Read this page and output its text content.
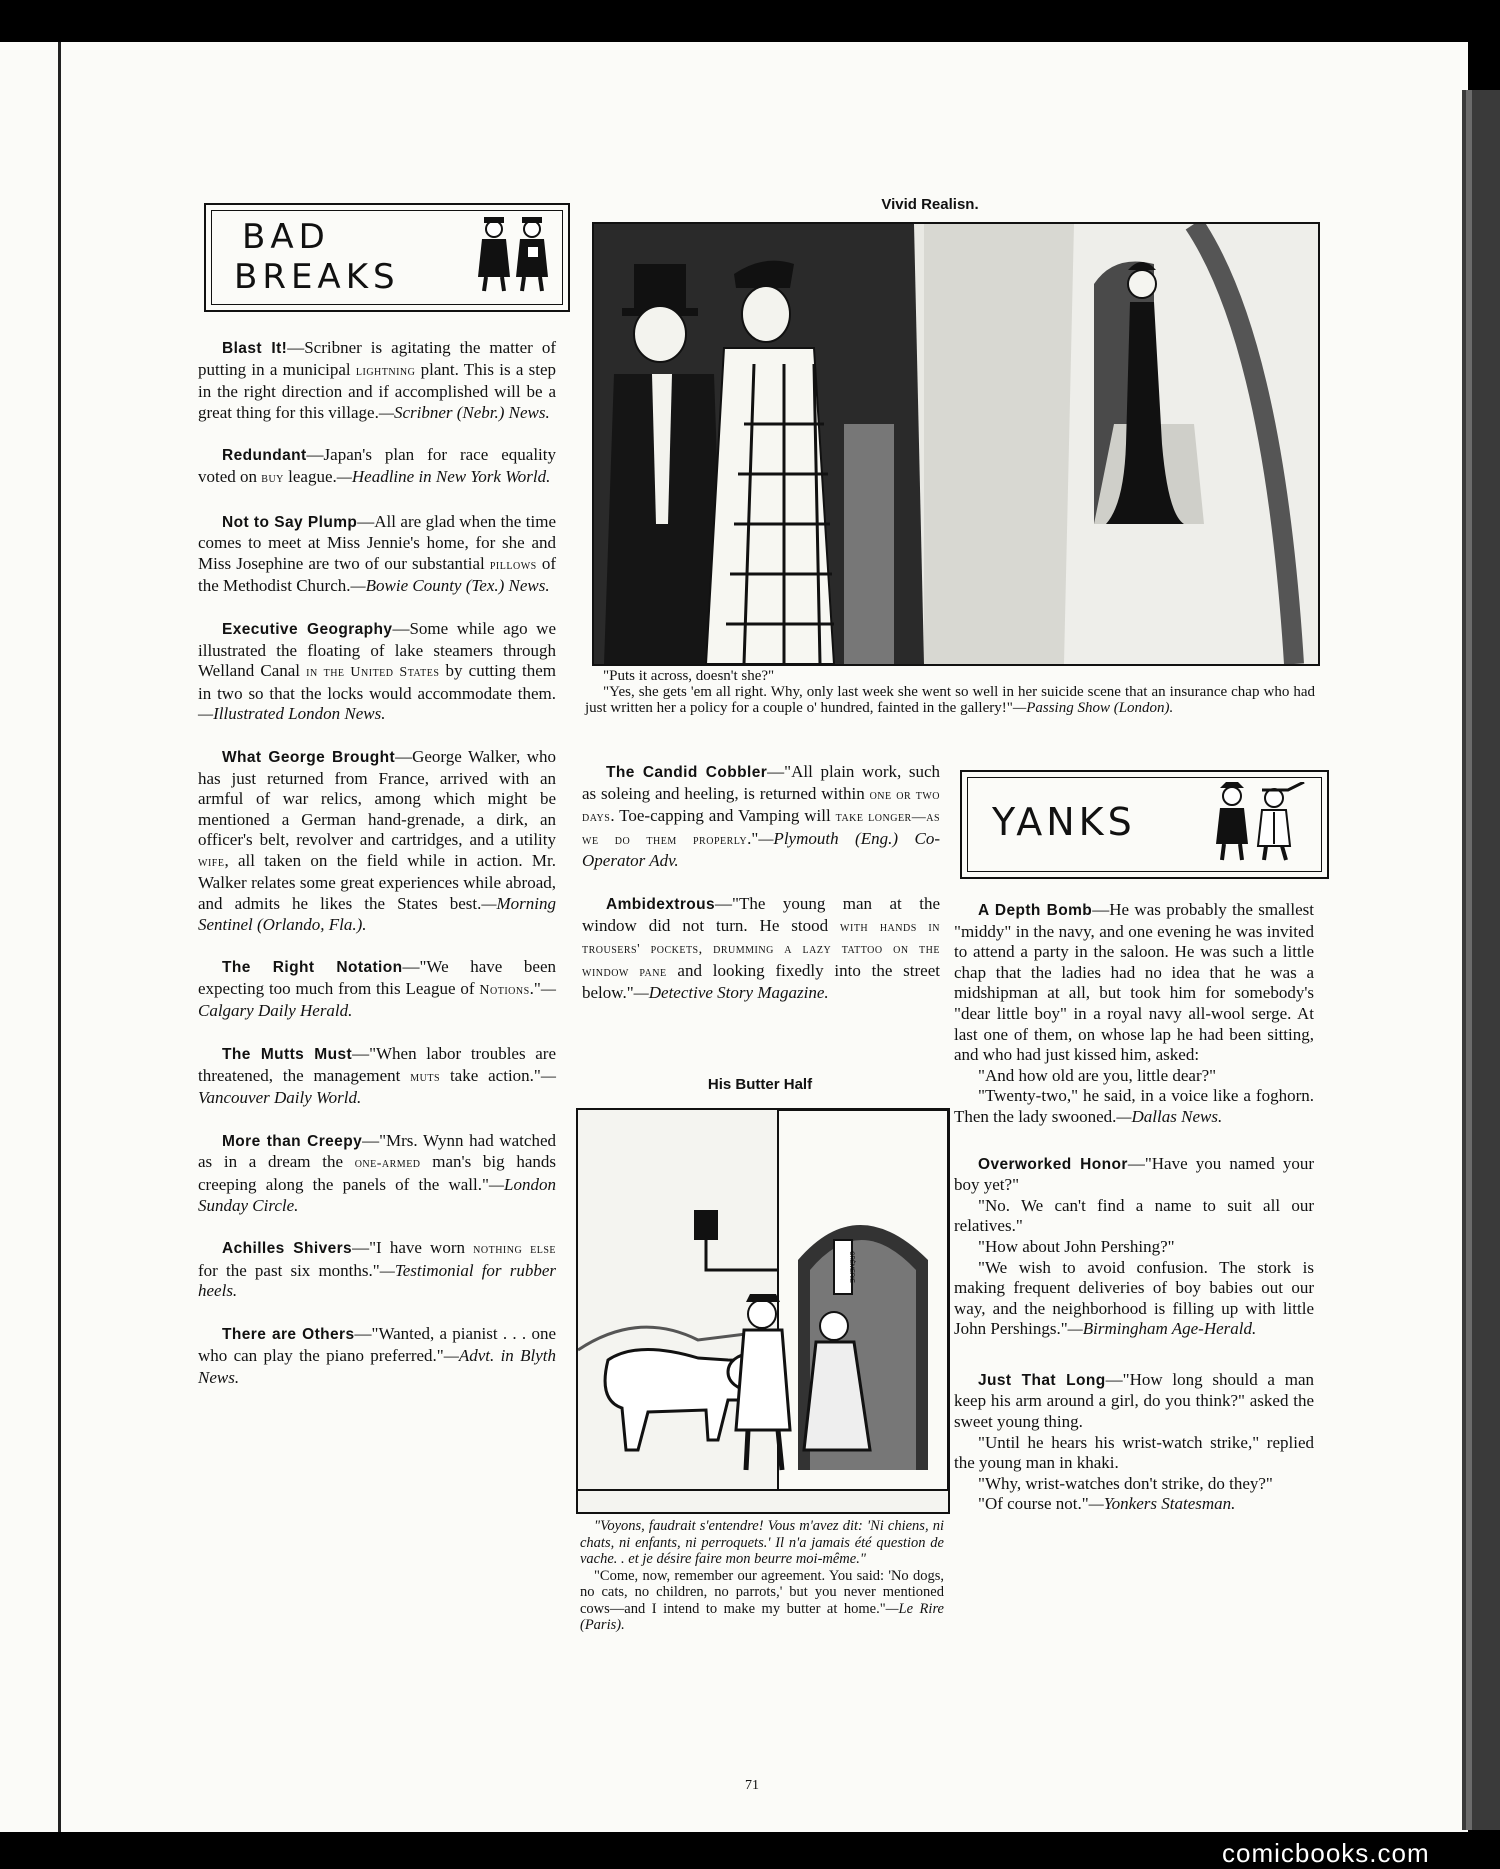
BAD
BREAKS

Blast It!—Scribner is agitating the matter of putting in a municipal lightning plant. This is a step in the right direction and if accomplished will be a great thing for this village.—Scribner (Nebr.) News.

Redundant—Japan's plan for race equality voted on buy league.—Headline in New York World.

Not to Say Plump—All are glad when the time comes to meet at Miss Jennie's home, for she and Miss Josephine are two of our substantial pillows of the Methodist Church.—Bowie County (Tex.) News.

Executive Geography—Some while ago we illustrated the floating of lake steamers through Welland Canal in the United States by cutting them in two so that the locks would accommodate them.—Illustrated London News.

What George Brought—George Walker, who has just returned from France, arrived with an armful of war relics, among which might be mentioned a German hand-grenade, a dirk, an officer's belt, revolver and cartridges, and a utility wife, all taken on the field while in action. Mr. Walker relates some great experiences while abroad, and admits he likes the States best.—Morning Sentinel (Orlando, Fla.).

The Right Notation—"We have been expecting too much from this League of Notions."—Calgary Daily Herald.

The Mutts Must—"When labor troubles are threatened, the management muts take action."—Vancouver Daily World.

More than Creepy—"Mrs. Wynn had watched as in a dream the one-armed man's big hands creeping along the panels of the wall."—London Sunday Circle.

Achilles Shivers—"I have worn nothing else for the past six months."—Testimonial for rubber heels.

There are Others—"Wanted, a pianist . . . one who can play the piano preferred."—Advt. in Blyth News.

Vivid Realisn.
"Puts it across, doesn't she?"
"Yes, she gets 'em all right. Why, only last week she went so well in her suicide scene that an insurance chap who had just written her a policy for a couple o' hundred, fainted in the gallery!"—Passing Show (London).

The Candid Cobbler—"All plain work, such as soleing and heeling, is returned within one or two days. Toe-capping and Vamping will take longer—as we do them properly."—Plymouth (Eng.) Co-Operator Adv.

Ambidextrous—"The young man at the window did not turn. He stood with hands in trousers' pockets, drumming a lazy tattoo on the window pane and looking fixedly into the street below."—Detective Story Magazine.

His Butter Half
CRÈMERIE
"Voyons, faudrait s'entendre! Vous m'avez dit: 'Ni chiens, ni chats, ni enfants, ni perroquets.' Il n'a jamais été question de vache. . et je désire faire mon beurre moi-même."
"Come, now, remember our agreement. You said: 'No dogs, no cats, no children, no parrots,' but you never mentioned cows—and I intend to make my butter at home."—Le Rire (Paris).
YANKS

A Depth Bomb—He was probably the smallest "middy" in the navy, and one evening he was invited to attend a party in the saloon. He was such a little chap that the ladies had no idea that he was a midshipman at all, but took him for somebody's "dear little boy" in a royal navy all-wool serge. At last one of them, on whose lap he had been sitting, and who had just kissed him, asked:

"And how old are you, little dear?"

"Twenty-two," he said, in a voice like a foghorn. Then the lady swooned.—Dallas News.

Overworked Honor—"Have you named your boy yet?"

"No. We can't find a name to suit all our relatives."

"How about John Pershing?"

"We wish to avoid confusion. The stork is making frequent deliveries of boy babies out our way, and the neighborhood is filling up with little John Pershings."—Birmingham Age-Herald.

Just That Long—"How long should a man keep his arm around a girl, do you think?" asked the sweet young thing.

"Until he hears his wrist-watch strike," replied the young man in khaki.

"Why, wrist-watches don't strike, do they?"

"Of course not."—Yonkers Statesman.

71
comicbooks.com
